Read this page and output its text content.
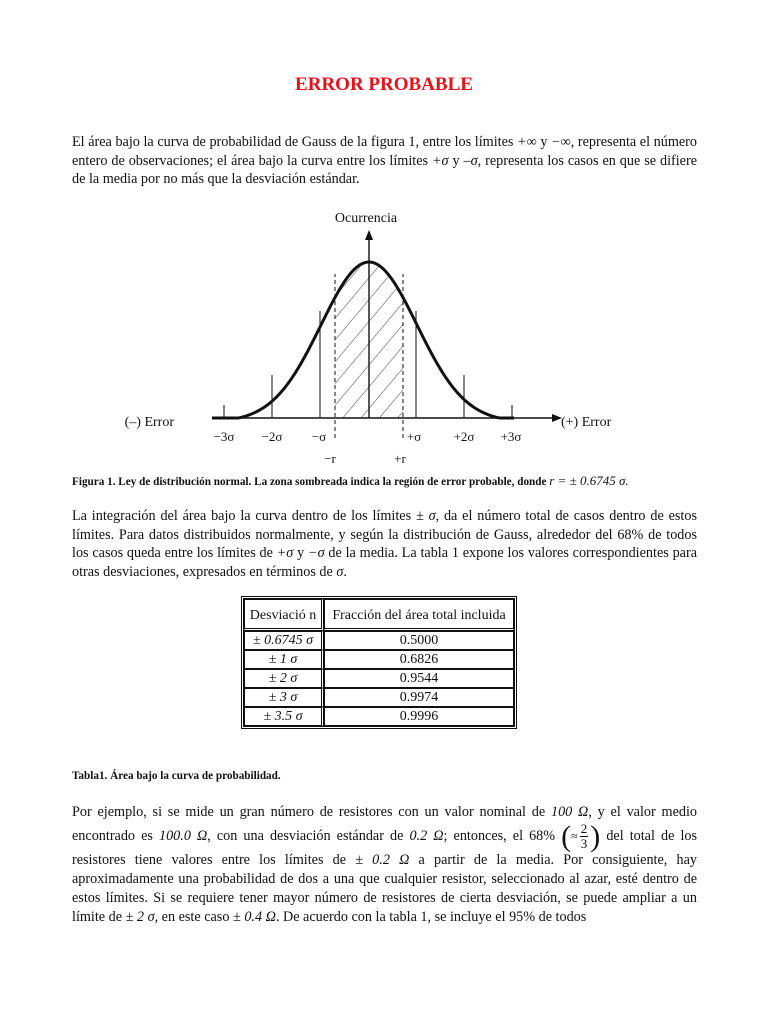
ERROR PROBABLE
El área bajo la curva de probabilidad de Gauss de la figura 1, entre los límites +∞ y −∞, representa el número entero de observaciones; el área bajo la curva entre los límites +σ y –σ, representa los casos en que se difiere de la media por no más que la desviación estándar.
Ocurrencia
(–) Error	(+) Error
−3σ −2σ −σ	+σ +2σ +3σ
−r	+r
Figura 1. Ley de distribución normal. La zona sombreada indica la región de error probable, donde r = ± 0.6745 σ.
La integración del área bajo la curva dentro de los límites ± σ, da el número total de casos dentro de estos límites. Para datos distribuidos normalmente, y según la distribución de Gauss, alrededor del 68% de todos los casos queda entre los límites de +σ y −σ de la media. La tabla 1 expone los valores correspondientes para otras desviaciones, expresados en términos de σ.
Desviació n	Fracción del área total incluida
± 0.6745 σ	0.5000
± 1 σ	0.6826
± 2 σ	0.9544
± 3 σ	0.9974
± 3.5 σ	0.9996
Tabla1. Área bajo la curva de probabilidad.
Por ejemplo, si se mide un gran número de resistores con un valor nominal de 100 Ω, y el valor medio encontrado es 100.0 Ω, con una desviación estándar de 0.2 Ω; entonces, el 68% (≈ $\frac{2}{3}$ ) del total de los resistores tiene valores entre los límites de ± 0.2 Ω a partir de la media. Por consiguiente, hay aproximadamente una probabilidad de dos a una que cualquier resistor, seleccionado al azar, esté dentro de estos límites. Si se requiere tener mayor número de resistores de cierta desviación, se puede ampliar a un límite de ± 2 σ, en este caso ± 0.4 Ω. De acuerdo con la tabla 1, se incluye el 95% de todos
